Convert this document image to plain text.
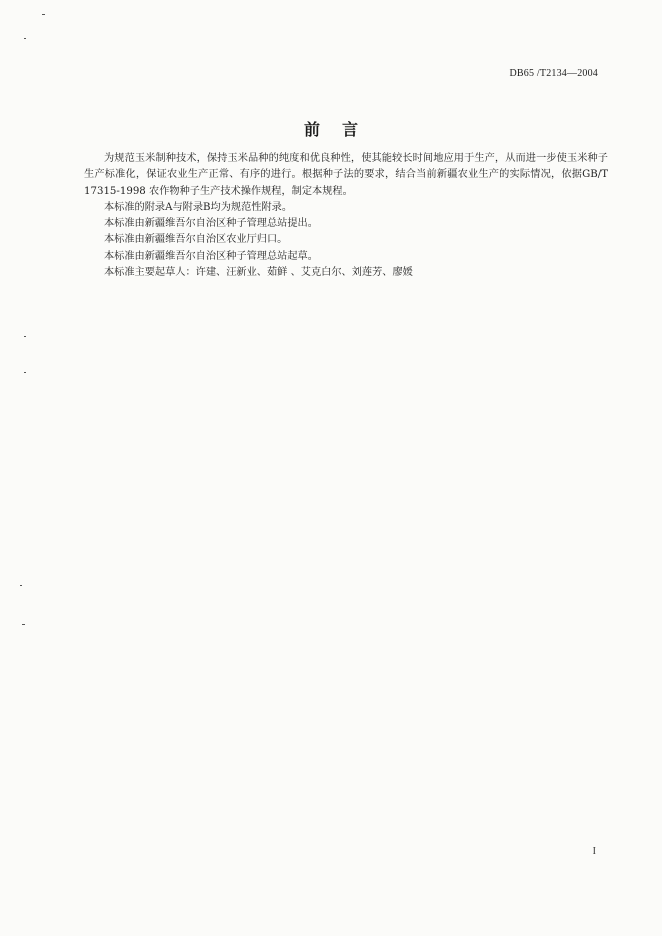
DB65 /T2134—2004
前言

为规范玉米制种技术，保持玉米品种的纯度和优良种性，使其能较长时间地应用于生产，从而进一步使玉米种子生产标准化，保证农业生产正常、有序的进行。根据种子法的要求，结合当前新疆农业生产的实际情况，依据GB/T 17315-1998 农作物种子生产技术操作规程，制定本规程。

本标准的附录A与附录B均为规范性附录。

本标准由新疆维吾尔自治区种子管理总站提出。

本标准由新疆维吾尔自治区农业厅归口。

本标准由新疆维吾尔自治区种子管理总站起草。

本标准主要起草人：许建、汪新业、茹鲜 、艾克白尔、刘莲芳、廖媛

I
